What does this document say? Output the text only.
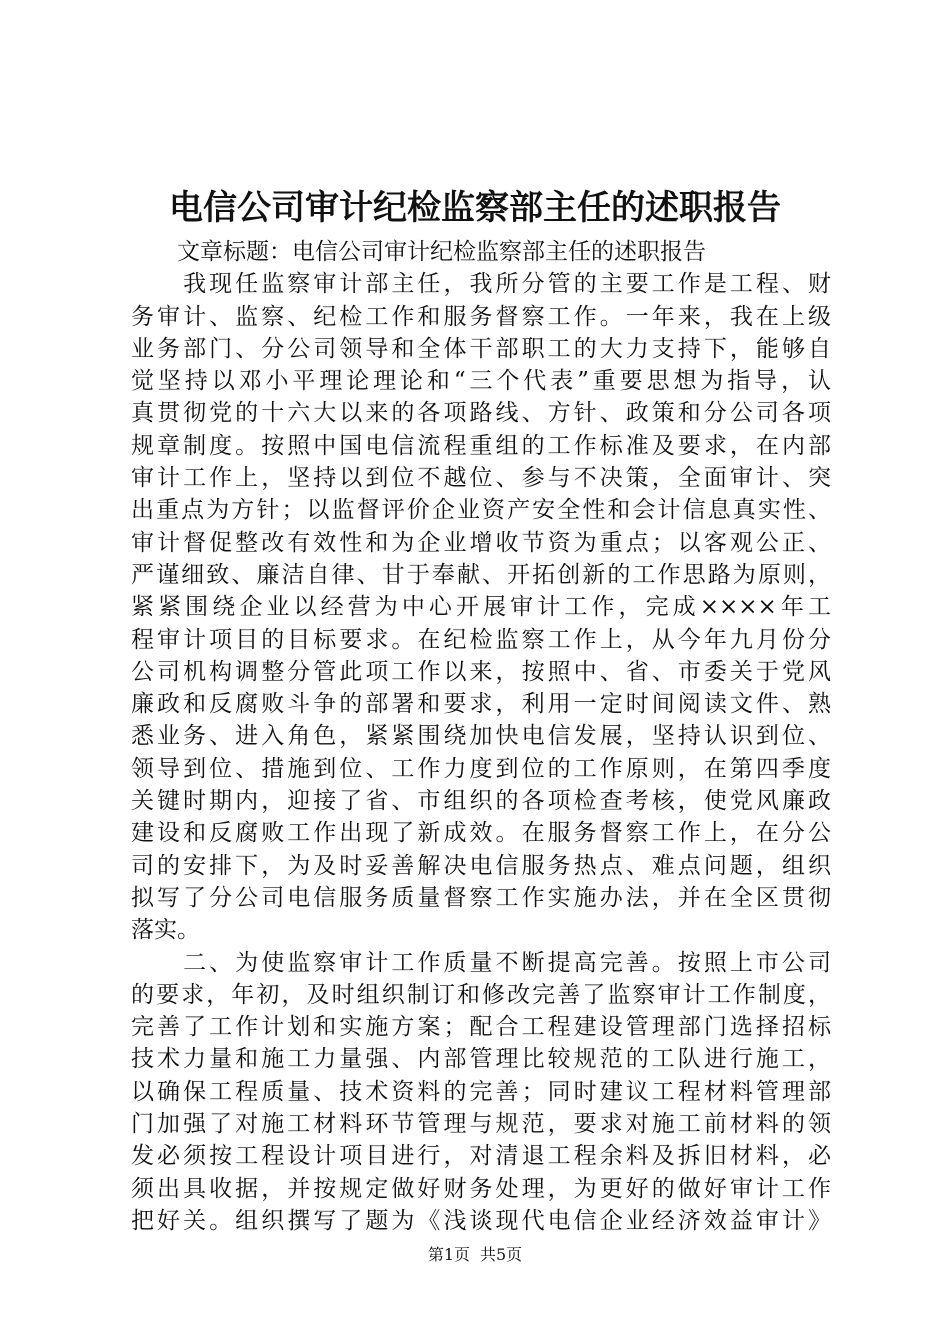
电信公司审计纪检监察部主任的述职报告
　　文章标题：电信公司审计纪检监察部主任的述职报告
　　我现任监察审计部主任，我所分管的主要工作是工程、财
务审计、监察、纪检工作和服务督察工作。一年来，我在上级
业务部门、分公司领导和全体干部职工的大力支持下，能够自
觉坚持以邓小平理论理论和“三个代表”重要思想为指导，认
真贯彻党的十六大以来的各项路线、方针、政策和分公司各项
规章制度。按照中国电信流程重组的工作标准及要求，在内部
审计工作上，坚持以到位不越位、参与不决策，全面审计、突
出重点为方针；以监督评价企业资产安全性和会计信息真实性、
审计督促整改有效性和为企业增收节资为重点；以客观公正、
严谨细致、廉洁自律、甘于奉献、开拓创新的工作思路为原则，
紧紧围绕企业以经营为中心开展审计工作，完成××××年工
程审计项目的目标要求。在纪检监察工作上，从今年九月份分
公司机构调整分管此项工作以来，按照中、省、市委关于党风
廉政和反腐败斗争的部署和要求，利用一定时间阅读文件、熟
悉业务、进入角色，紧紧围绕加快电信发展，坚持认识到位、
领导到位、措施到位、工作力度到位的工作原则，在第四季度
关键时期内，迎接了省、市组织的各项检查考核，使党风廉政
建设和反腐败工作出现了新成效。在服务督察工作上，在分公
司的安排下，为及时妥善解决电信服务热点、难点问题，组织
拟写了分公司电信服务质量督察工作实施办法，并在全区贯彻
落实。
　　二、为使监察审计工作质量不断提高完善。按照上市公司
的要求，年初，及时组织制订和修改完善了监察审计工作制度，
完善了工作计划和实施方案；配合工程建设管理部门选择招标
技术力量和施工力量强、内部管理比较规范的工队进行施工，
以确保工程质量、技术资料的完善；同时建议工程材料管理部
门加强了对施工材料环节管理与规范，要求对施工前材料的领
发必须按工程设计项目进行，对清退工程余料及拆旧材料，必
须出具收据，并按规定做好财务处理，为更好的做好审计工作
把好关。组织撰写了题为《浅谈现代电信企业经济效益审计》
第1页 共5页
